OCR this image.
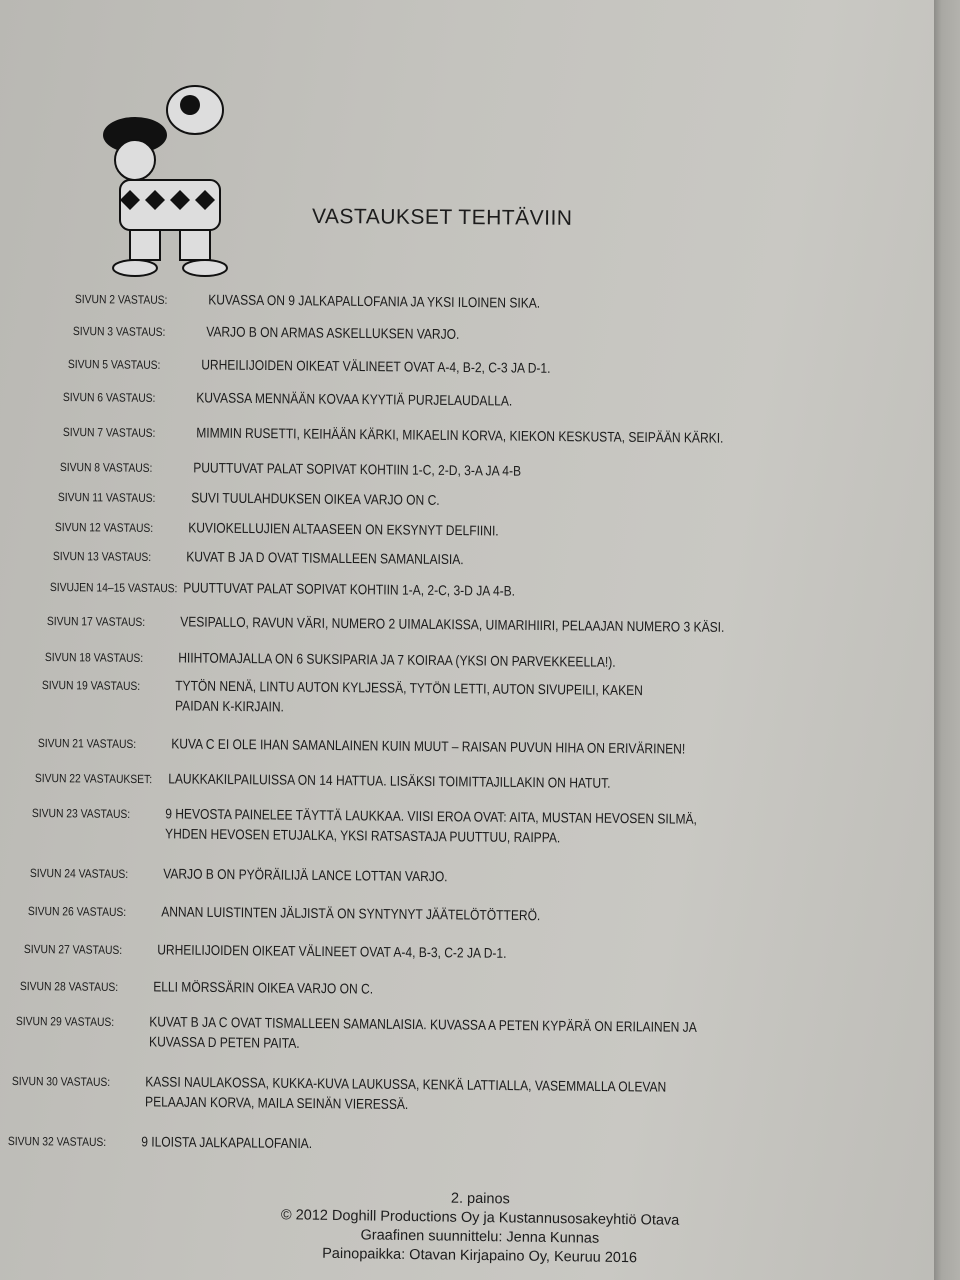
VASTAUKSET TEHTÄVIIN
SIVUN 2 VASTAUS:	KUVASSA ON 9 JALKAPALLOFANIA JA YKSI ILOINEN SIKA.
SIVUN 3 VASTAUS:	VARJO B ON ARMAS ASKELLUKSEN VARJO.
SIVUN 5 VASTAUS:	URHEILIJOIDEN OIKEAT VÄLINEET OVAT A-4, B-2, C-3 JA D-1.
SIVUN 6 VASTAUS:	KUVASSA MENNÄÄN KOVAA KYYTIÄ PURJELAUDALLA.
SIVUN 7 VASTAUS:	MIMMIN RUSETTI, KEIHÄÄN KÄRKI, MIKAELIN KORVA, KIEKON KESKUSTA, SEIPÄÄN KÄRKI.
SIVUN 8 VASTAUS:	PUUTTUVAT PALAT SOPIVAT KOHTIIN 1-C, 2-D, 3-A JA 4-B
SIVUN 11 VASTAUS:	SUVI TUULAHDUKSEN OIKEA VARJO ON C.
SIVUN 12 VASTAUS: KUVIOKELLUJIEN ALTAASEEN ON EKSYNYT DELFIINI.
SIVUN 13 VASTAUS: KUVAT B JA D OVAT TISMALLEEN SAMANLAISIA.
SIVUJEN 14–15 VASTAUS: PUUTTUVAT PALAT SOPIVAT KOHTIIN 1-A, 2-C, 3-D JA 4-B.
SIVUN 17 VASTAUS: VESIPALLO, RAVUN VÄRI, NUMERO 2 UIMALAKISSA, UIMARIHIIRI, PELAAJAN NUMERO 3 KÄSI.
SIVUN 18 VASTAUS: HIIHTOMAJALLA ON 6 SUKSIPARIA JA 7 KOIRAA (YKSI ON PARVEKKEELLA!).
SIVUN 19 VASTAUS: TYTÖN NENÄ, LINTU AUTON KYLJESSÄ, TYTÖN LETTI, AUTON SIVUPEILI, KAKEN
PAIDAN K-KIRJAIN.
SIVUN 21 VASTAUS: KUVA C EI OLE IHAN SAMANLAINEN KUIN MUUT – RAISAN PUVUN HIHA ON ERIVÄRINEN!
SIVUN 22 VASTAUKSET: LAUKKAKILPAILUISSA ON 14 HATTUA. LISÄKSI TOIMITTAJILLAKIN ON HATUT.
SIVUN 23 VASTAUS: 9 HEVOSTA PAINELEE TÄYTTÄ LAUKKAA. VIISI EROA OVAT: AITA, MUSTAN HEVOSEN SILMÄ,
YHDEN HEVOSEN ETUJALKA, YKSI RATSASTAJA PUUTTUU, RAIPPA.
SIVUN 24 VASTAUS: VARJO B ON PYÖRÄILIJÄ LANCE LOTTAN VARJO.
SIVUN 26 VASTAUS: ANNAN LUISTINTEN JÄLJISTÄ ON SYNTYNYT JÄÄTELÖTÖTTERÖ.
SIVUN 27 VASTAUS: URHEILIJOIDEN OIKEAT VÄLINEET OVAT A-4, B-3, C-2 JA D-1.
SIVUN 28 VASTAUS: ELLI MÖRSSÄRIN OIKEA VARJO ON C.
SIVUN 29 VASTAUS: KUVAT B JA C OVAT TISMALLEEN SAMANLAISIA. KUVASSA A PETEN KYPÄRÄ ON ERILAINEN JA
KUVASSA D PETEN PAITA.
SIVUN 30 VASTAUS: KASSI NAULAKOSSA, KUKKA-KUVA LAUKUSSA, KENKÄ LATTIALLA, VASEMMALLA OLEVAN
PELAAJAN KORVA, MAILA SEINÄN VIERESSÄ.
SIVUN 32 VASTAUS: 9 ILOISTA JALKAPALLOFANIA.
2. painos
© 2012 Doghill Productions Oy ja Kustannusosakeyhtiö Otava
Graafinen suunnittelu: Jenna Kunnas
Painopaikka: Otavan Kirjapaino Oy, Keuruu 2016
